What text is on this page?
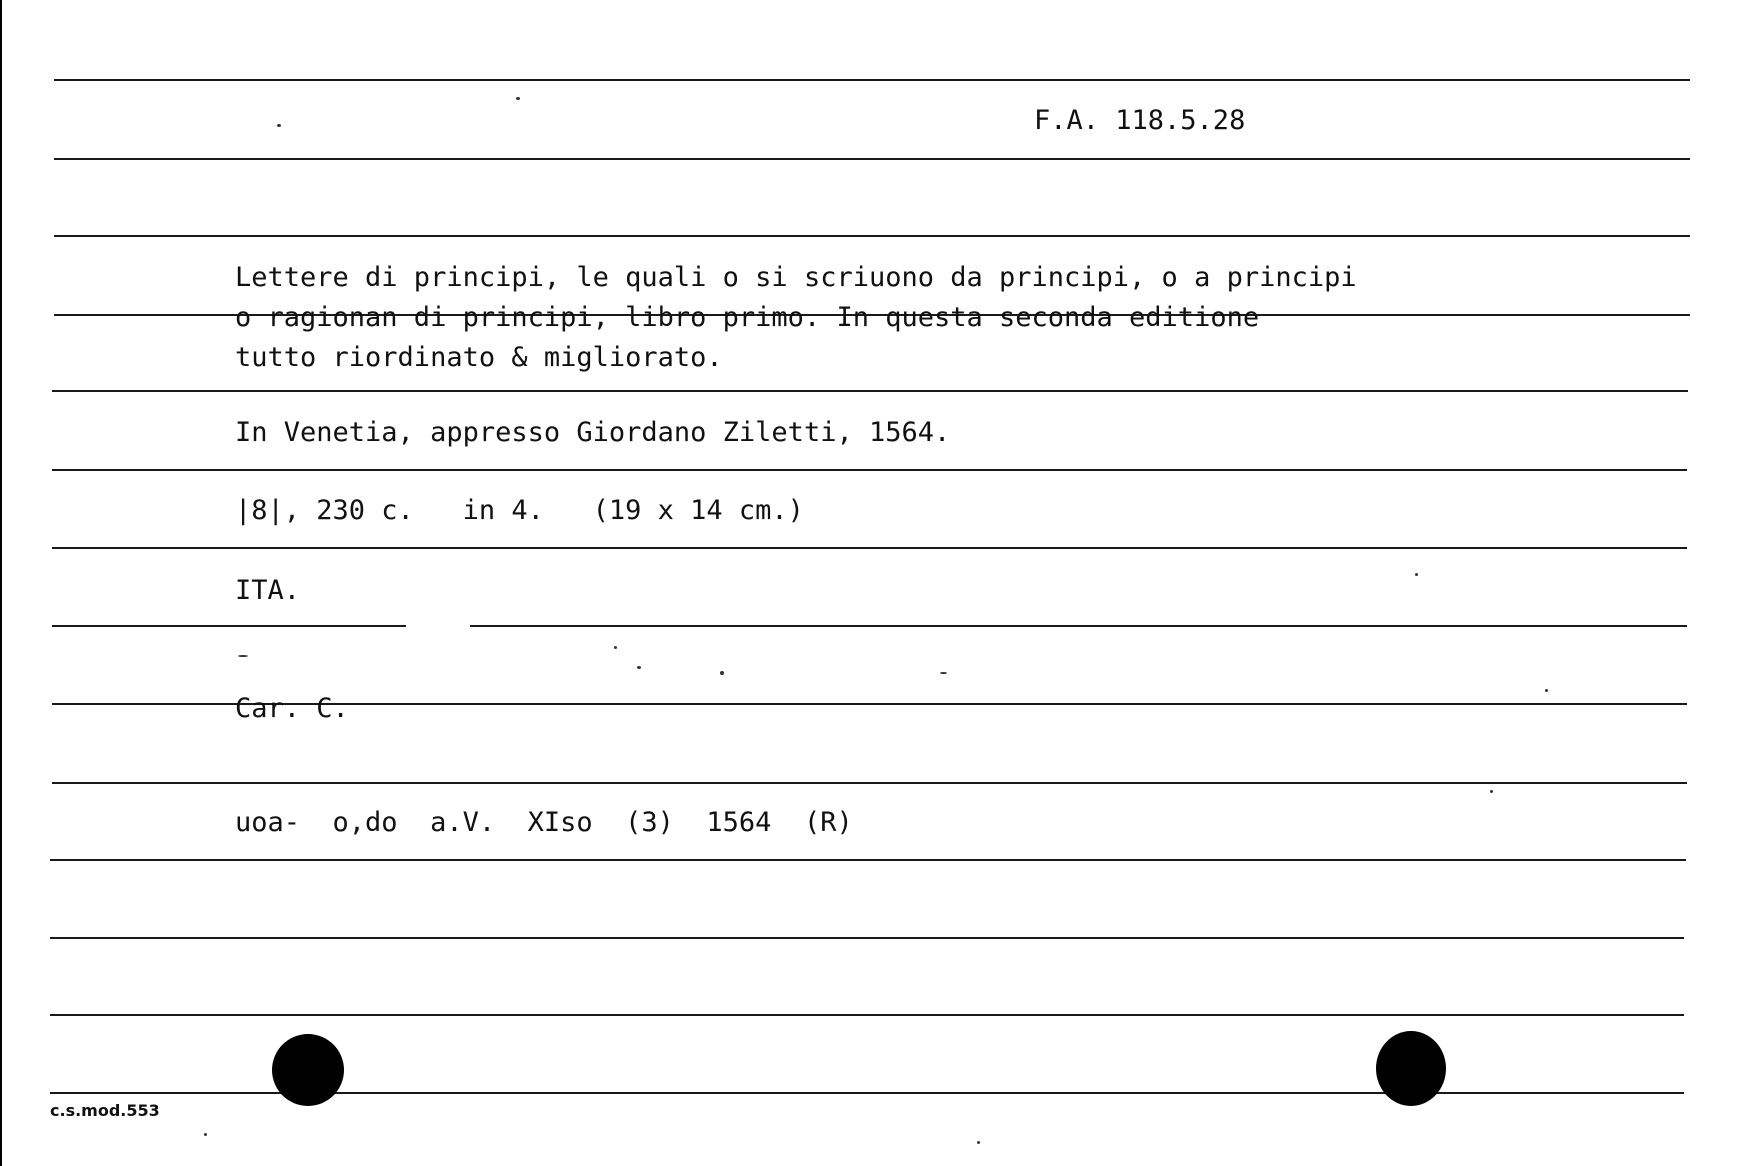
F.A. 118.5.28
Lettere di principi, le quali o si scriuono da principi, o a principi
o ragionan di principi, libro primo. In questa seconda editione
tutto riordinato & migliorato.
In Venetia, appresso Giordano Ziletti, 1564.
|8|, 230 c.   in 4.   (19 x 14 cm.)
ITA.
Car. C.
uoa-  o,do  a.V.  XIso  (3)  1564  (R)
c.s.mod.553
